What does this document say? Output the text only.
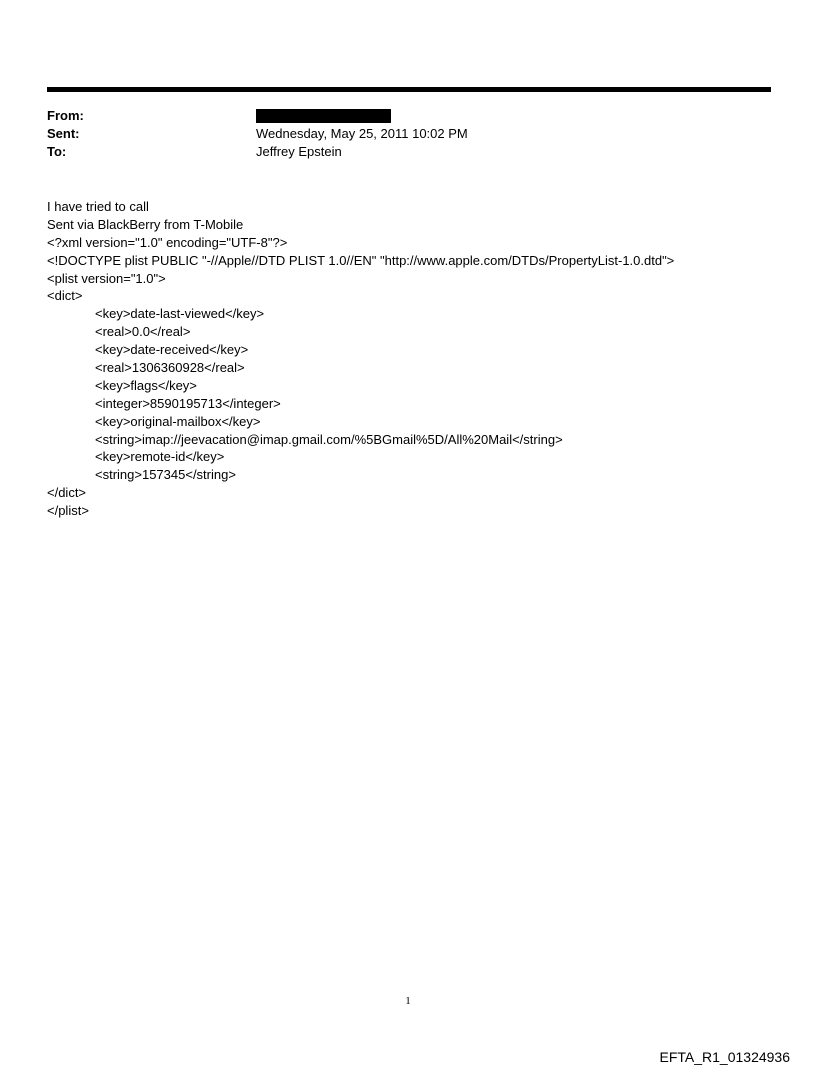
From:
Sent:	Wednesday, May 25, 2011 10:02 PM
To:	Jeffrey Epstein
I have tried to call
Sent via BlackBerry from T-Mobile
<?xml version="1.0" encoding="UTF-8"?>
<!DOCTYPE plist PUBLIC "-//Apple//DTD PLIST 1.0//EN" "http://www.apple.com/DTDs/PropertyList-1.0.dtd">
<plist version="1.0">
<dict>
<key>date-last-viewed</key>
<real>0.0</real>
<key>date-received</key>
<real>1306360928</real>
<key>flags</key>
<integer>8590195713</integer>
<key>original-mailbox</key>
<string>imap://jeevacation@imap.gmail.com/%5BGmail%5D/All%20Mail</string>
<key>remote-id</key>
<string>157345</string>
</dict>
</plist>
1
EFTA_R1_01324936
